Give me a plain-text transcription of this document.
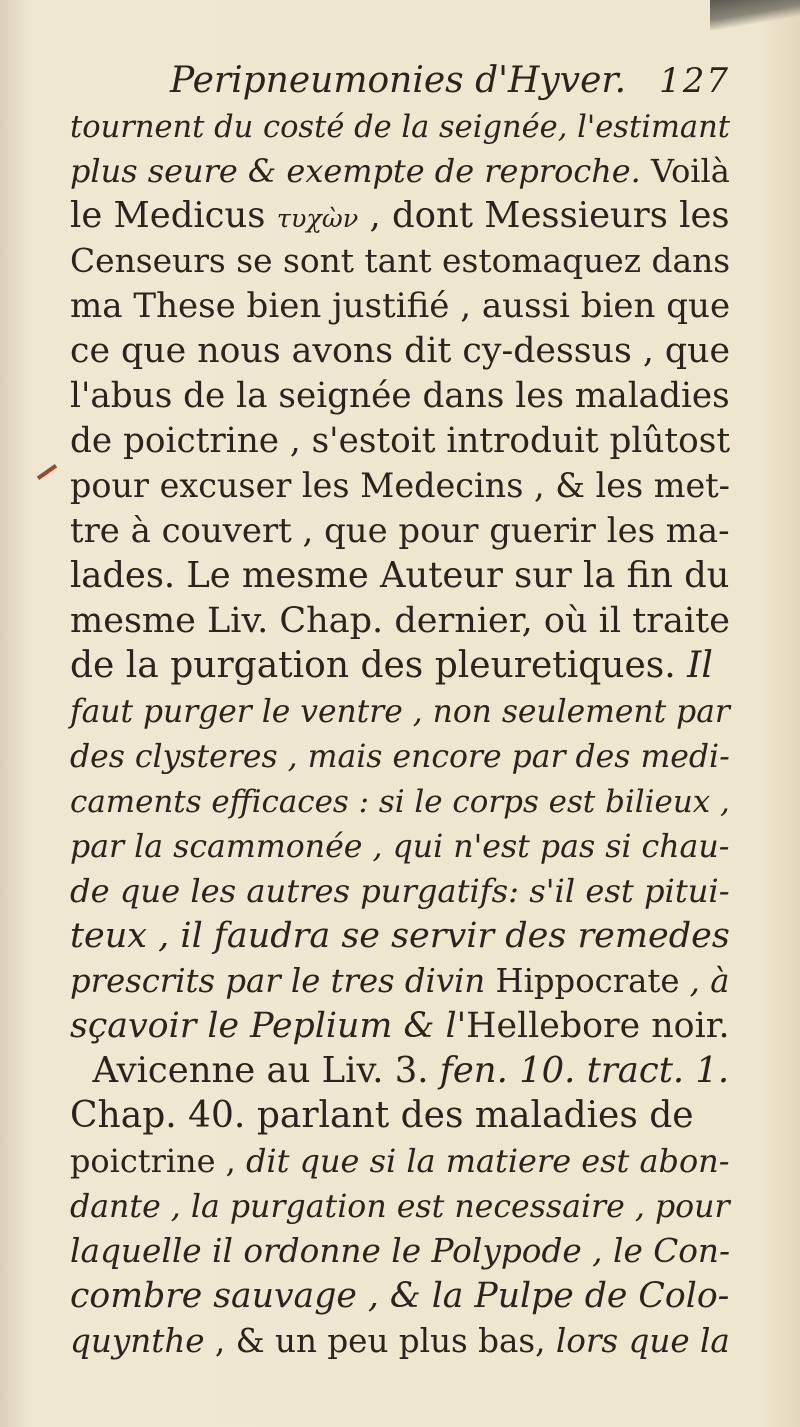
Peripneumonies d'Hyver. 127
tournent du costé de la seignée, l'estimant
plus seure & exempte de reproche. Voilà
le Medicus τυχὼν , dont Messieurs les
Censeurs se sont tant estomaquez dans
ma These bien justifié , aussi bien que
ce que nous avons dit cy-dessus , que
l'abus de la seignée dans les maladies
de poictrine , s'estoit introduit plûtost
pour excuser les Medecins , & les met-
tre à couvert , que pour guerir les ma-
lades. Le mesme Auteur sur la fin du
mesme Liv. Chap. dernier, où il traite
de la purgation des pleuretiques. Il
faut purger le ventre , non seulement par
des clysteres , mais encore par des medi-
caments efficaces : si le corps est bilieux ,
par la scammonée , qui n'est pas si chau-
de que les autres purgatifs: s'il est pitui-
teux , il faudra se servir des remedes
prescrits par le tres divin Hippocrate , à
sçavoir le Peplium & l'Hellebore noir.
Avicenne au Liv. 3. fen. 10. tract. 1.
Chap. 40. parlant des maladies de
poictrine , dit que si la matiere est abon-
dante , la purgation est necessaire , pour
laquelle il ordonne le Polypode , le Con-
combre sauvage , & la Pulpe de Colo-
quynthe , & un peu plus bas, lors que la
